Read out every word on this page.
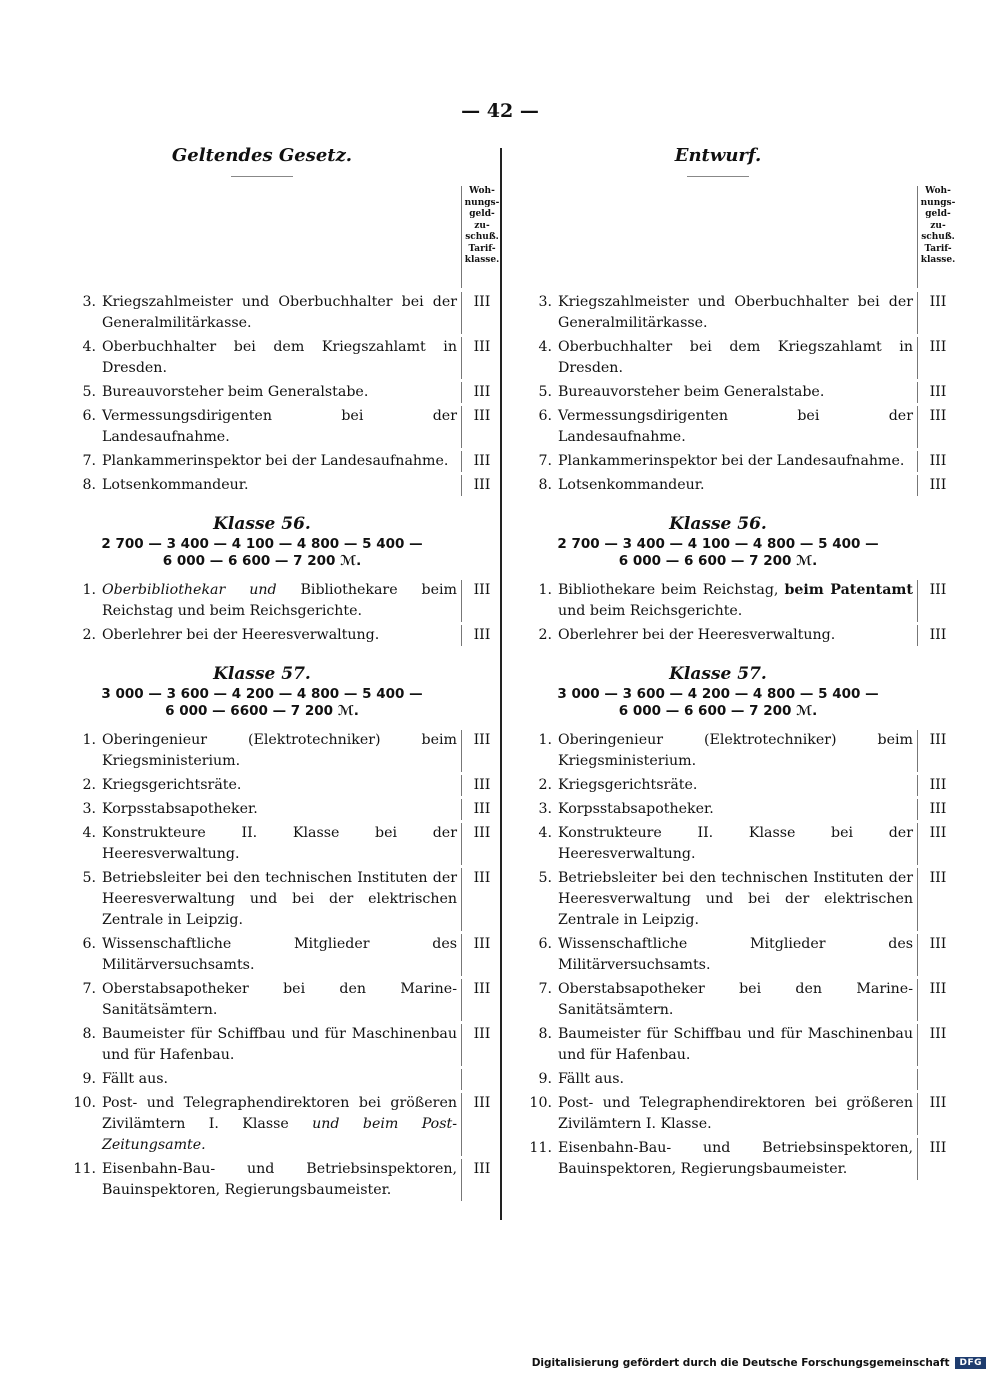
— 42 —
Geltendes Gesetz.
Woh-
nungs-
geld-
zu-
schuß.
Tarif-
klasse.
3. Kriegszahlmeister und Oberbuchhalter bei der Generalmilitärkasse.
III
4. Oberbuchhalter bei dem Kriegszahlamt in Dresden.
III
5. Bureauvorsteher beim Generalstabe.	III
6. Vermessungsdirigenten bei der Landesaufnahme.
III
7. Plankammerinspektor bei der Landesaufnahme.	III
8. Lotsenkommandeur.	III
Klasse 56.
2 700 — 3 400 — 4 100 — 4 800 — 5 400 —
6 000 — 6 600 — 7 200 ℳ.
1. Oberbibliothekar und Bibliothekare beim Reichstag und beim Reichsgerichte.
III
2. Oberlehrer bei der Heeresverwaltung.	III
Klasse 57.
3 000 — 3 600 — 4 200 — 4 800 — 5 400 —
6 000 — 6600 — 7 200 ℳ.
1. Oberingenieur (Elektrotechniker) beim Kriegsministerium.
III
2. Kriegsgerichtsräte.	III
3. Korpsstabsapotheker.	III
4. Konstrukteure II. Klasse bei der Heeresverwaltung.
III
5. Betriebsleiter bei den technischen Instituten der Heeresverwaltung und bei der elektrischen Zentrale in Leipzig.
III
6. Wissenschaftliche Mitglieder des Militärversuchsamts.
III
7. Oberstabsapotheker bei den Marine-Sanitätsämtern.
III
8. Baumeister für Schiffbau und für Maschinenbau und für Hafenbau.
III
9. Fällt aus.
10. Post- und Telegraphendirektoren bei größeren Zivilämtern I. Klasse und beim Post-Zeitungsamte.
III
11. Eisenbahn-Bau- und Betriebsinspektoren, Bauinspektoren, Regierungsbaumeister.
III
Entwurf.
Woh-
nungs-
geld-
zu-
schuß.
Tarif-
klasse.
3. Kriegszahlmeister und Oberbuchhalter bei der Generalmilitärkasse.
III
4. Oberbuchhalter bei dem Kriegszahlamt in Dresden.
III
5. Bureauvorsteher beim Generalstabe.	III
6. Vermessungsdirigenten bei der Landesaufnahme.
III
7. Plankammerinspektor bei der Landesaufnahme.	III
8. Lotsenkommandeur.	III
Klasse 56.
2 700 — 3 400 — 4 100 — 4 800 — 5 400 —
6 000 — 6 600 — 7 200 ℳ.
1. Bibliothekare beim Reichstag, beim Patentamt und beim Reichsgerichte.
III
2. Oberlehrer bei der Heeresverwaltung.	III
Klasse 57.
3 000 — 3 600 — 4 200 — 4 800 — 5 400 —
6 000 — 6 600 — 7 200 ℳ.
1. Oberingenieur (Elektrotechniker) beim Kriegsministerium.
III
2. Kriegsgerichtsräte.	III
3. Korpsstabsapotheker.	III
4. Konstrukteure II. Klasse bei der Heeresverwaltung.
III
5. Betriebsleiter bei den technischen Instituten der Heeresverwaltung und bei der elektrischen Zentrale in Leipzig.
III
6. Wissenschaftliche Mitglieder des Militärversuchsamts.
III
7. Oberstabsapotheker bei den Marine-Sanitätsämtern.
III
8. Baumeister für Schiffbau und für Maschinenbau und für Hafenbau.
III
9. Fällt aus.
10. Post- und Telegraphendirektoren bei größeren Zivilämtern I. Klasse.
III
11. Eisenbahn-Bau- und Betriebsinspektoren, Bauinspektoren, Regierungsbaumeister.
III
Digitalisierung gefördert durch die Deutsche Forschungsgemeinschaft	DFG
